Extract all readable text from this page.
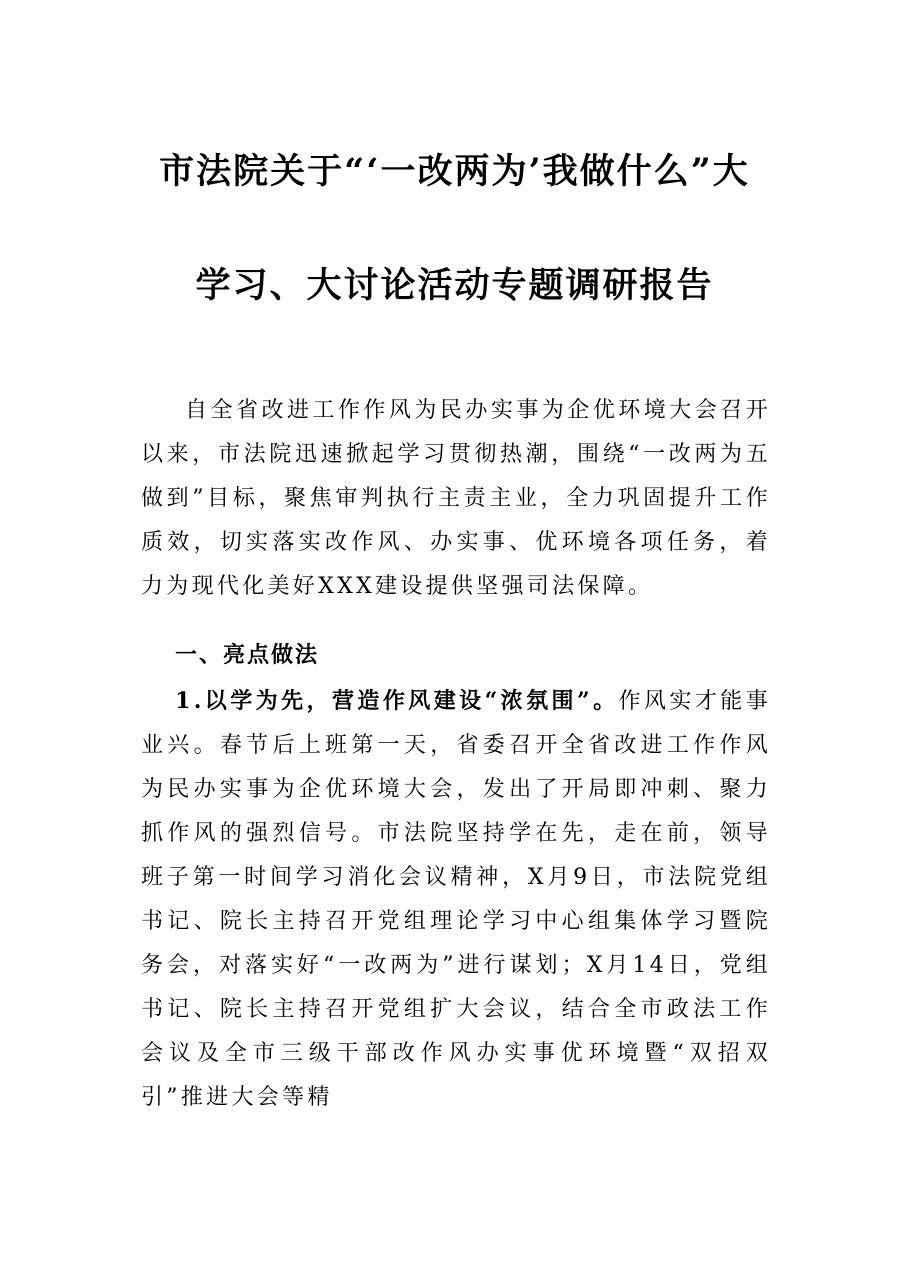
市法院关于“‘一改两为’我做什么”大
学习、大讨论活动专题调研报告
自全省改进工作作风为民办实事为企优环境大会召开以来，市法院迅速掀起学习贯彻热潮，围绕“一改两为五做到”目标，聚焦审判执行主责主业，全力巩固提升工作质效，切实落实改作风、办实事、优环境各项任务，着力为现代化美好XXX建设提供坚强司法保障。
一、亮点做法
1.以学为先，营造作风建设“浓氛围”。作风实才能事业兴。春节后上班第一天，省委召开全省改进工作作风为民办实事为企优环境大会，发出了开局即冲刺、聚力抓作风的强烈信号。市法院坚持学在先，走在前，领导班子第一时间学习消化会议精神，X月9日，市法院党组书记、院长主持召开党组理论学习中心组集体学习暨院务会，对落实好“一改两为”进行谋划；X月14日，党组书记、院长主持召开党组扩大会议，结合全市政法工作会议及全市三级干部改作风办实事优环境暨“双招双引”推进大会等精
